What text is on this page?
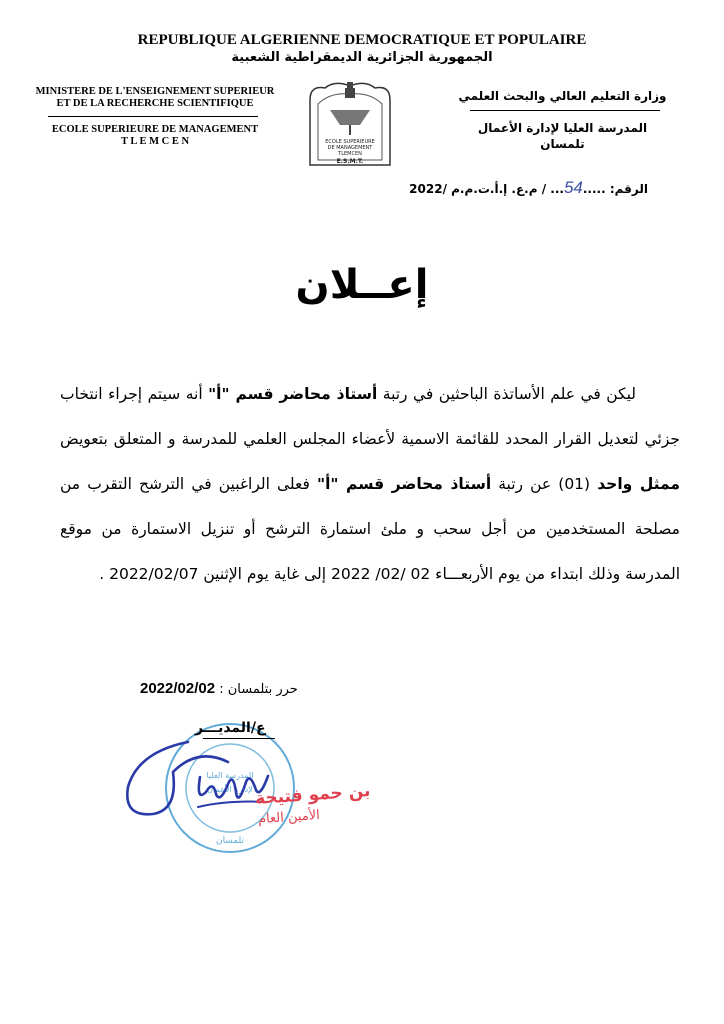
REPUBLIQUE ALGERIENNE DEMOCRATIQUE ET POPULAIRE
الجمهورية الجزائرية الديمقراطية الشعبية
MINISTERE DE L'ENSEIGNEMENT SUPERIEUR
ET DE LA RECHERCHE SCIENTIFIQUE
ECOLE SUPERIEURE DE MANAGEMENT
T L E M C E N
وزارة التعليم العالي والبحث العلمي
المدرسة العليا لإدارة الأعمال
تلمسان
ECOLE SUPERIEURE
DE MANAGEMENT
TLEMCEN
E.S.M.T.
الرقم: .....54... / م.ع. إ.أ.ت.م.م /2022
إعــلان

ليكن في علم الأساتذة الباحثين في رتبة أستاذ محاضر قسم "أ" أنه سيتم إجراء انتخاب جزئي لتعديل القرار المحدد للقائمة الاسمية لأعضاء المجلس العلمي للمدرسة و المتعلق بتعويض ممثل واحد (01) عن رتبة أستاذ محاضر قسم "أ" فعلى الراغبين في الترشح التقرب من مصلحة المستخدمين من أجل سحب و ملئ استمارة الترشح أو تنزيل الاستمارة من موقع المدرسة وذلك ابتداء من يوم الأربعـــاء 02 /02/ 2022 إلى غاية يوم الإثنين 2022/02/07 .

حرر بتلمسان : 2022/02/02
المدرسة العليا
لإدارة الأعمال
تلمسان
ع/المديـــر
بن حمو فتيحة
الأمين العام
